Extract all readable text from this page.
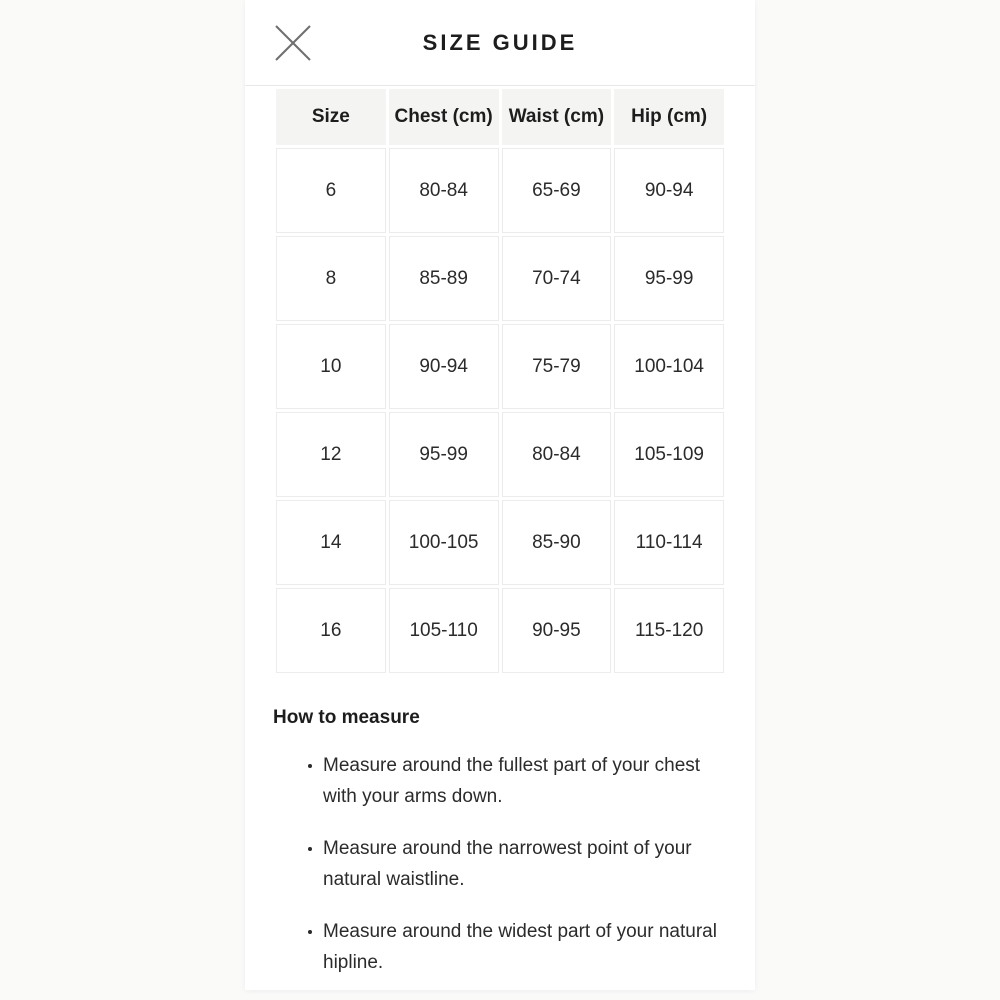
SIZE GUIDE
Size	Chest (cm)	Waist (cm)	Hip (cm)
6	80-84	65-69	90-94
8	85-89	70-74	95-99
10	90-94	75-79	100-104
12	95-99	80-84	105-109
14	100-105	85-90	110-114
16	105-110	90-95	115-120
How to measure
Measure around the fullest part of your chest with your arms down.
Measure around the narrowest point of your natural waistline.
Measure around the widest part of your natural hipline.
